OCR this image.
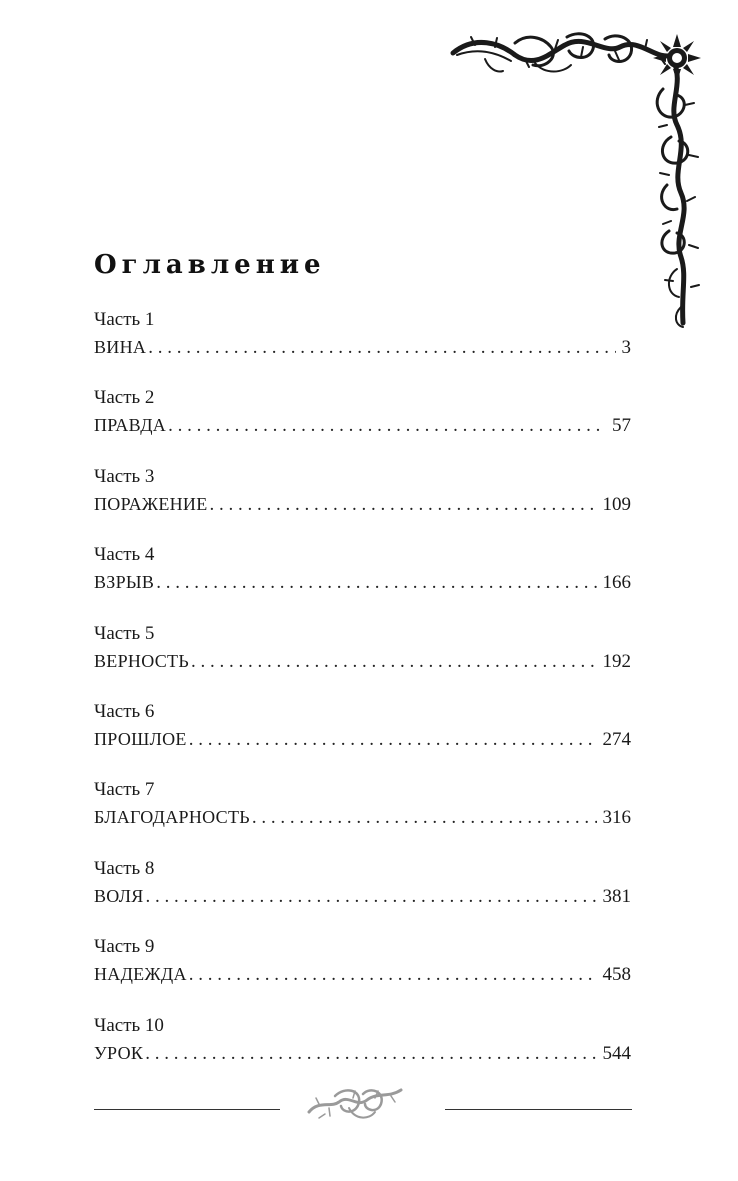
Оглавление
Часть 1
ВИНА . . .	3
Часть 2
ПРАВДА . . .	57
Часть 3
ПОРАЖЕНИЕ . . .	109
Часть 4
ВЗРЫВ . . .	166
Часть 5
ВЕРНОСТЬ . . .	192
Часть 6
ПРОШЛОЕ . . .	274
Часть 7
БЛАГОДАРНОСТЬ . . .	316
Часть 8
ВОЛЯ . . .	381
Часть 9
НАДЕЖДА . . .	458
Часть 10
УРОК . . .	544
